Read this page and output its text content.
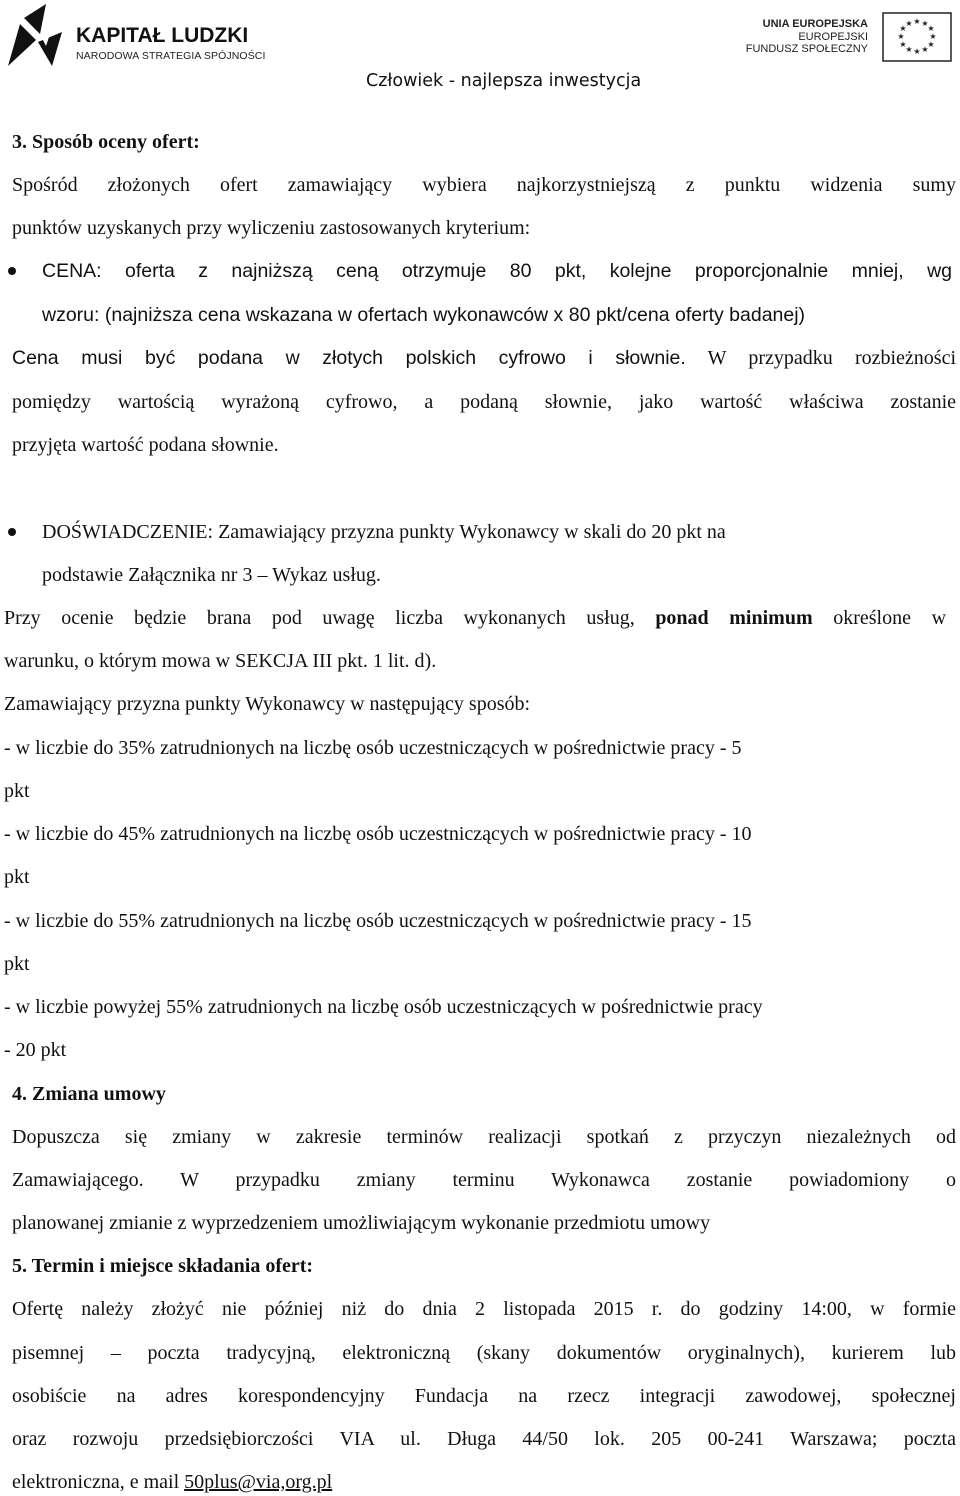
KAPITAŁ LUDZKI
NARODOWA STRATEGIA SPÓJNOŚCI
UNIA EUROPEJSKA
EUROPEJSKI
FUNDUSZ SPOŁECZNY
★ ★
★
★
★
★
★
★
★
★
★
★
Człowiek - najlepsza inwestycja
3. Sposób oceny ofert:
Spośród złożonych ofert zamawiający wybiera najkorzystniejszą z punktu widzenia sumy
punktów uzyskanych przy wyliczeniu zastosowanych kryterium:
CENA: oferta z najniższą ceną otrzymuje 80 pkt, kolejne proporcjonalnie mniej, wg
wzoru: (najniższa cena wskazana w ofertach wykonawców x 80 pkt/cena oferty badanej)
Cena musi być podana w złotych polskich cyfrowo i słownie. W przypadku rozbieżności
pomiędzy wartością wyrażoną cyfrowo, a podaną słownie, jako wartość właściwa zostanie
przyjęta wartość podana słownie.
DOŚWIADCZENIE: Zamawiający przyzna punkty Wykonawcy w skali do 20 pkt na
podstawie Załącznika nr 3 – Wykaz usług.
Przy ocenie będzie brana pod uwagę liczba wykonanych usług, ponad minimum określone w
warunku, o którym mowa w SEKCJA III pkt. 1 lit. d).
Zamawiający przyzna punkty Wykonawcy w następujący sposób:
- w liczbie do 35% zatrudnionych na liczbę osób uczestniczących w pośrednictwie pracy - 5
pkt
- w liczbie do 45% zatrudnionych na liczbę osób uczestniczących w pośrednictwie pracy - 10
pkt
- w liczbie do 55% zatrudnionych na liczbę osób uczestniczących w pośrednictwie pracy - 15
pkt
- w liczbie powyżej 55% zatrudnionych na liczbę osób uczestniczących w pośrednictwie pracy
- 20 pkt
4. Zmiana umowy
Dopuszcza się zmiany w zakresie terminów realizacji spotkań z przyczyn niezależnych od
Zamawiającego. W przypadku zmiany terminu Wykonawca zostanie powiadomiony o
planowanej zmianie z wyprzedzeniem umożliwiającym wykonanie przedmiotu umowy
5. Termin i miejsce składania ofert:
Ofertę należy złożyć nie później niż do dnia 2 listopada 2015 r. do godziny 14:00, w formie
pisemnej – poczta tradycyjną, elektroniczną (skany dokumentów oryginalnych), kurierem lub
osobiście na adres korespondencyjny Fundacja na rzecz integracji zawodowej, społecznej
oraz rozwoju przedsiębiorczości VIA ul. Długa 44/50 lok. 205 00-241 Warszawa; poczta
elektroniczna, e mail 50plus@via,org.pl
